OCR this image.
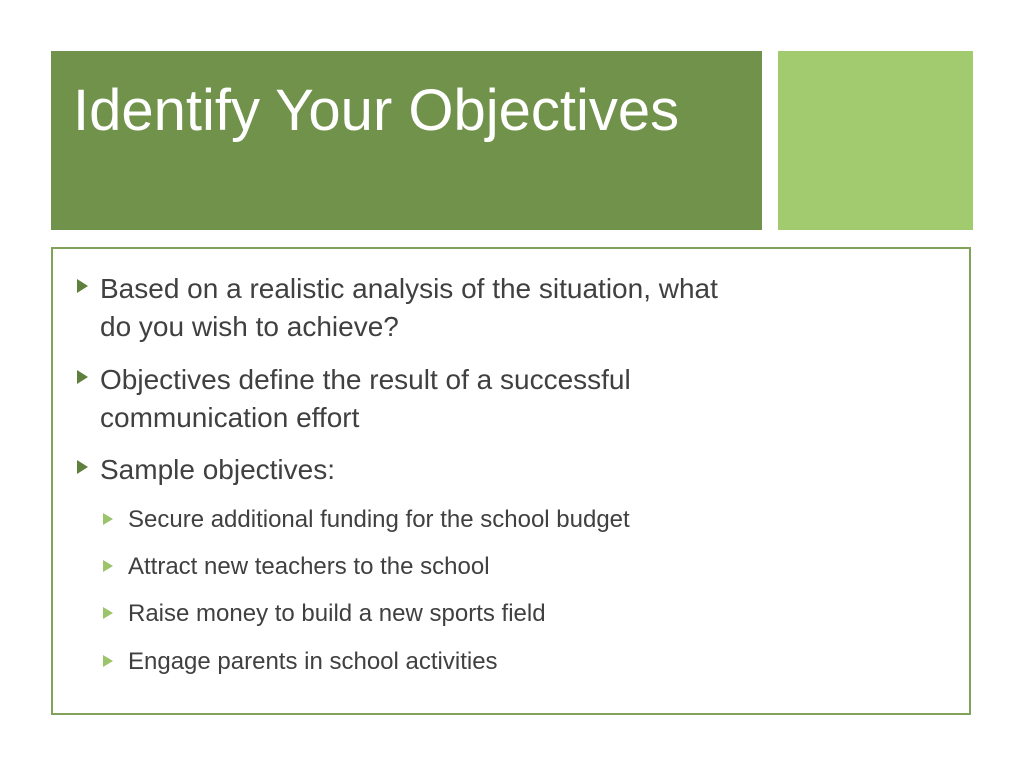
Identify Your Objectives
Based on a realistic analysis of the situation, what do you wish to achieve?
Objectives define the result of a successful communication effort
Sample objectives:
Secure additional funding for the school budget
Attract new teachers to the school
Raise money to build a new sports field
Engage parents in school activities
